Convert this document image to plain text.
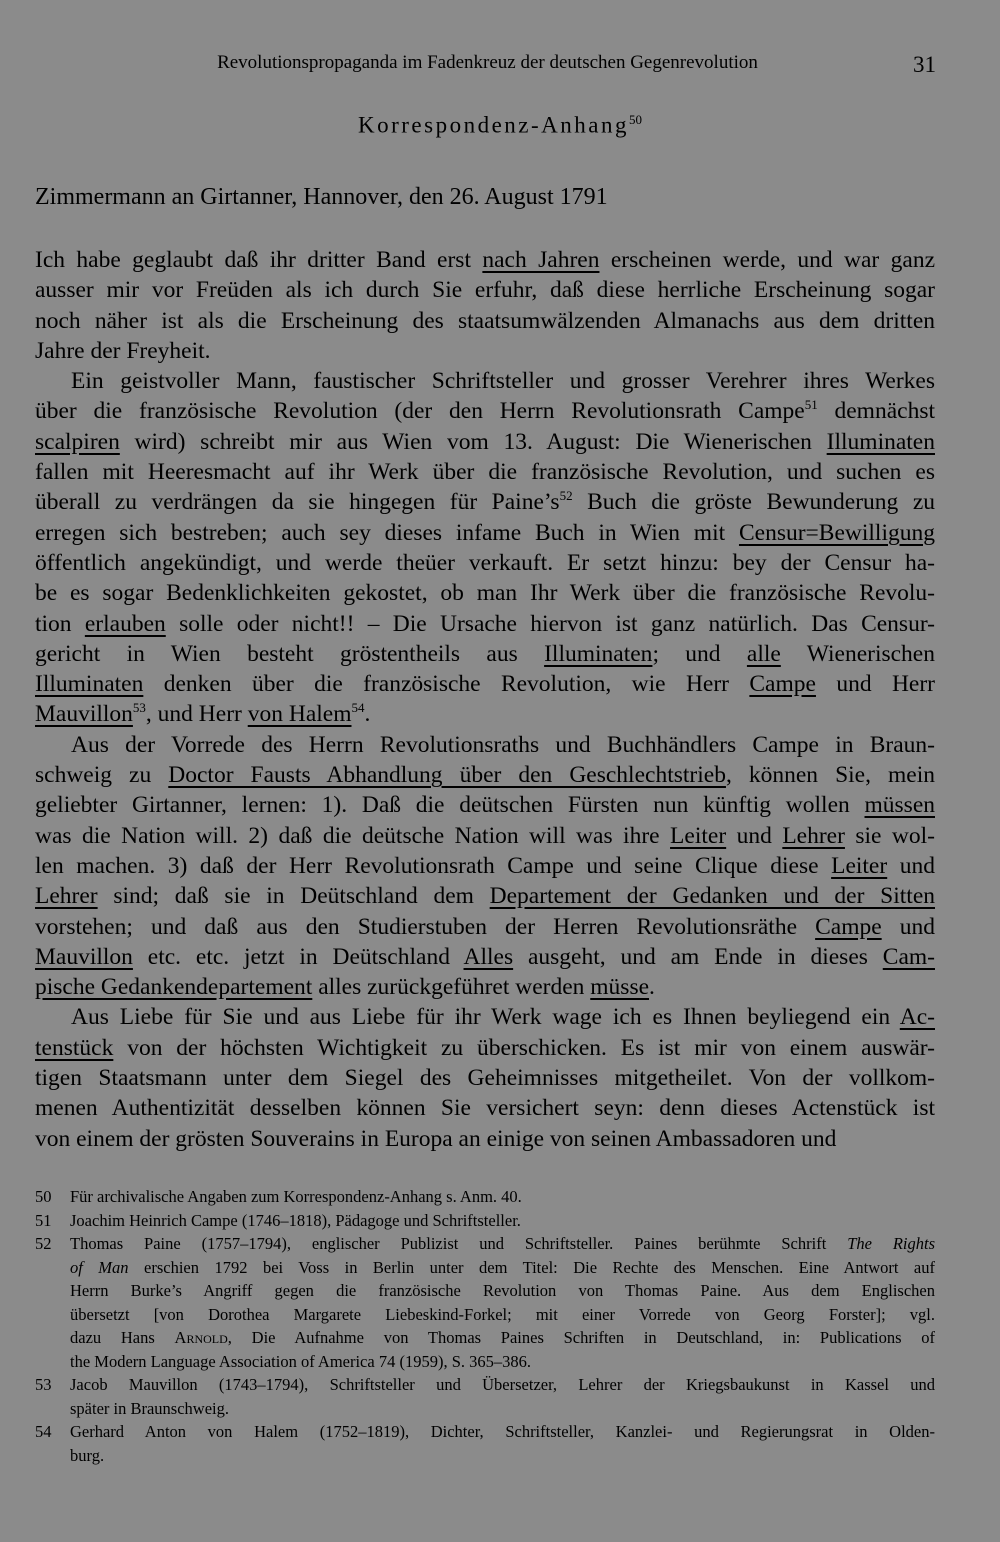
Revolutionspropaganda im Fadenkreuz der deutschen Gegenrevolution	31
Korrespondenz-Anhang$^{50}$
Zimmermann an Girtanner, Hannover, den 26. August 1791
Ich habe geglaubt daß ihr dritter Band erst nach Jahren erscheinen werde, und war ganz
ausser mir vor Freüden als ich durch Sie erfuhr, daß diese herrliche Erscheinung sogar
noch näher ist als die Erscheinung des staatsumwälzenden Almanachs aus dem dritten
Jahre der Freyheit.
Ein geistvoller Mann, faustischer Schriftsteller und grosser Verehrer ihres Werkes
über die französische Revolution (der den Herrn Revolutionsrath Campe$^{51}$ demnächst
scalpiren wird) schreibt mir aus Wien vom 13. August: Die Wienerischen Illuminaten
fallen mit Heeresmacht auf ihr Werk über die französische Revolution, und suchen es
überall zu verdrängen da sie hingegen für $Paine’s^{52}$ Buch die gröste Bewunderung zu
erregen sich bestreben; auch sey dieses infame Buch in Wien mit Censur=Bewilligung
öffentlich angekündigt, und werde theüer verkauft. Er setzt hinzu: bey der Censur ha-
be es sogar Bedenklichkeiten gekostet, ob man Ihr Werk über die französische Revolu-
tion erlauben solle oder nicht!! – Die Ursache hiervon ist ganz natürlich. Das Censur-
gericht in Wien besteht gröstentheils aus Illuminaten; und alle Wienerischen
Illuminaten denken über die französische Revolution, wie Herr Campe und Herr
Mauvillon$^{53}$, und Herr von Halem$^{54}$.
Aus der Vorrede des Herrn Revolutionsraths und Buchhändlers Campe in Braun-
schweig zu Doctor Fausts Abhandlung über den Geschlechtstrieb, können Sie, mein
geliebter Girtanner, lernen: 1). Daß die deütschen Fürsten nun künftig wollen müssen
was die Nation will. 2) daß die deütsche Nation will was ihre Leiter und Lehrer sie wol-
len machen. 3) daß der Herr Revolutionsrath Campe und seine Clique diese Leiter und
Lehrer sind; daß sie in Deütschland dem Departement der Gedanken und der Sitten
vorstehen; und daß aus den Studierstuben der Herren Revolutionsräthe Campe und
Mauvillon etc. etc. jetzt in Deütschland Alles ausgeht, und am Ende in dieses Cam-
pische Gedankendepartement alles zurückgeführet werden müsse.
Aus Liebe für Sie und aus Liebe für ihr Werk wage ich es Ihnen beyliegend ein Ac-
tenstück von der höchsten Wichtigkeit zu überschicken. Es ist mir von einem auswär-
tigen Staatsmann unter dem Siegel des Geheimnisses mitgetheilet. Von der vollkom-
menen Authentizität desselben können Sie versichert seyn: denn dieses Actenstück ist
von einem der grösten Souverains in Europa an einige von seinen Ambassadoren und
50 Für archivalische Angaben zum Korrespondenz-Anhang s. Anm. 40.
51 Joachim Heinrich Campe (1746–1818), Pädagoge und Schriftsteller.
52 Thomas Paine (1757–1794), englischer Publizist und Schriftsteller. Paines berühmte Schrift The Rights
of Man erschien 1792 bei Voss in Berlin unter dem Titel: Die Rechte des Menschen. Eine Antwort auf
Herrn Burke’s Angriff gegen die französische Revolution von Thomas Paine. Aus dem Englischen
übersetzt [von Dorothea Margarete Liebeskind-Forkel; mit einer Vorrede von Georg Forster]; vgl.
dazu Hans Arnold, Die Aufnahme von Thomas Paines Schriften in Deutschland, in: Publications of
the Modern Language Association of America 74 (1959), S. 365–386.
53 Jacob Mauvillon (1743–1794), Schriftsteller und Übersetzer, Lehrer der Kriegsbaukunst in Kassel und
später in Braunschweig.
54 Gerhard Anton von Halem (1752–1819), Dichter, Schriftsteller, Kanzlei- und Regierungsrat in Olden-
burg.
